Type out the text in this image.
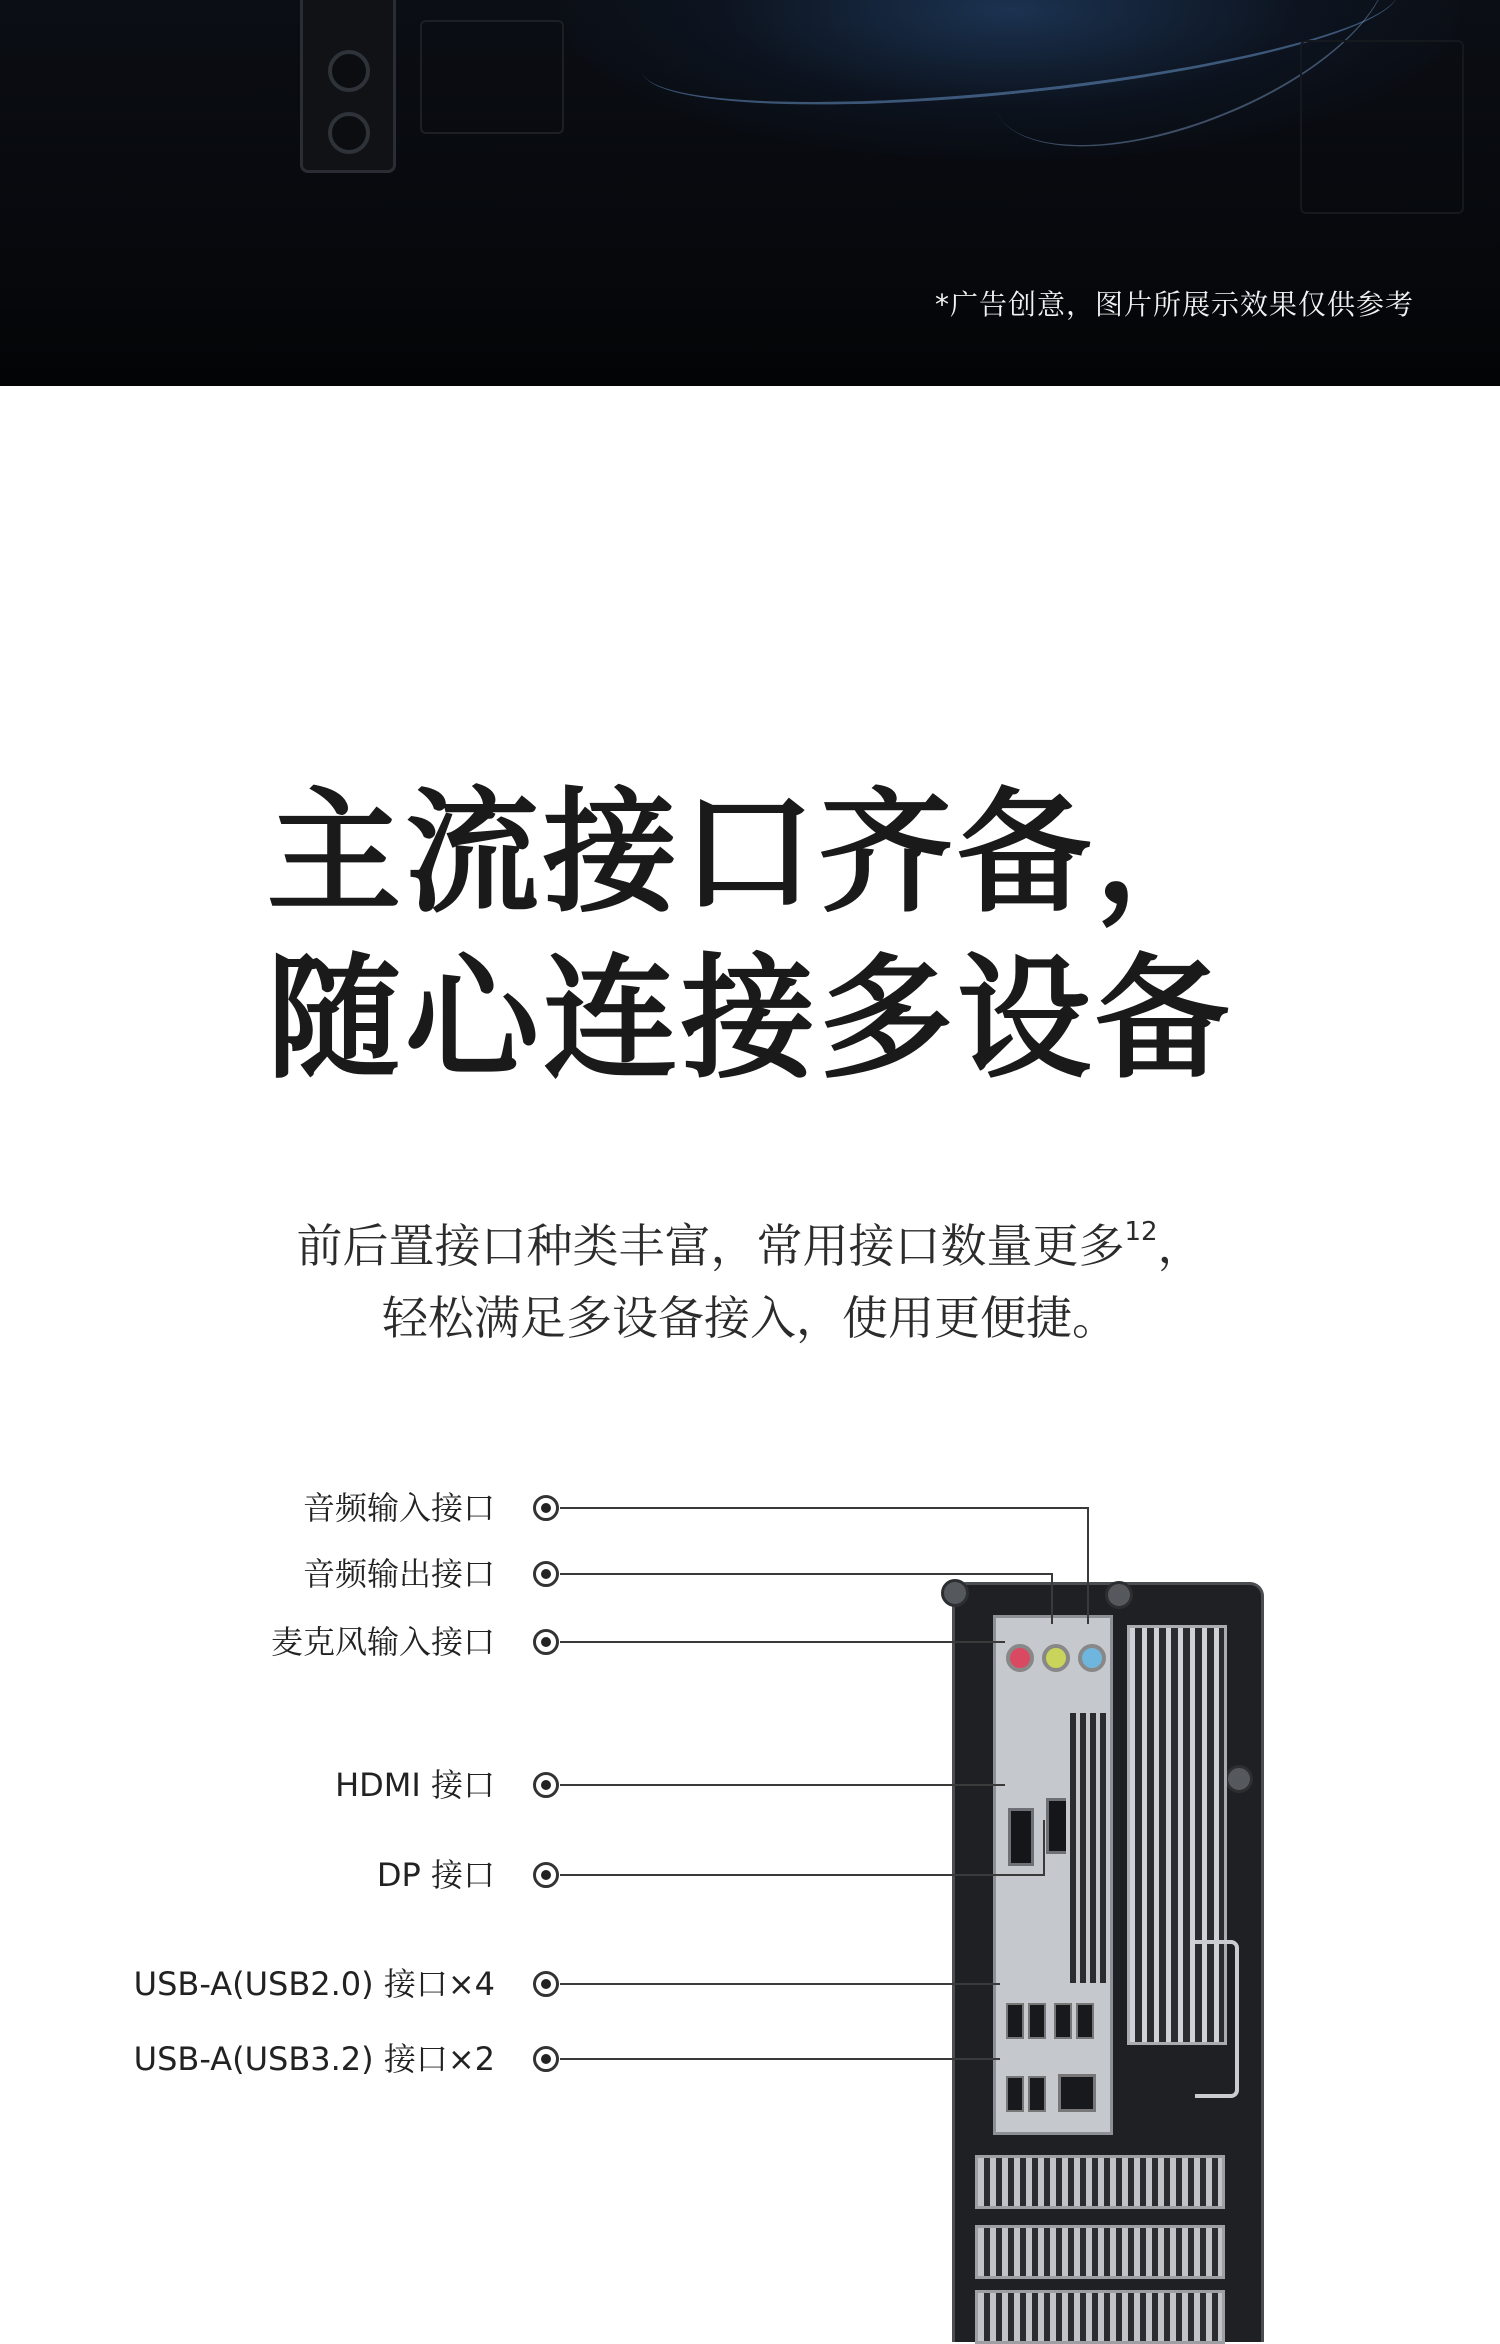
*广告创意，图片所展示效果仅供参考
主流接口齐备，
随心连接多设备
前后置接口种类丰富，常用接口数量更多$^{12}$，
轻松满足多设备接入，使用更便捷。
音频输入接口
音频输出接口
麦克风输入接口
HDMI 接口
DP 接口
USB-A(USB2.0) 接口×4
USB-A(USB3.2) 接口×2
